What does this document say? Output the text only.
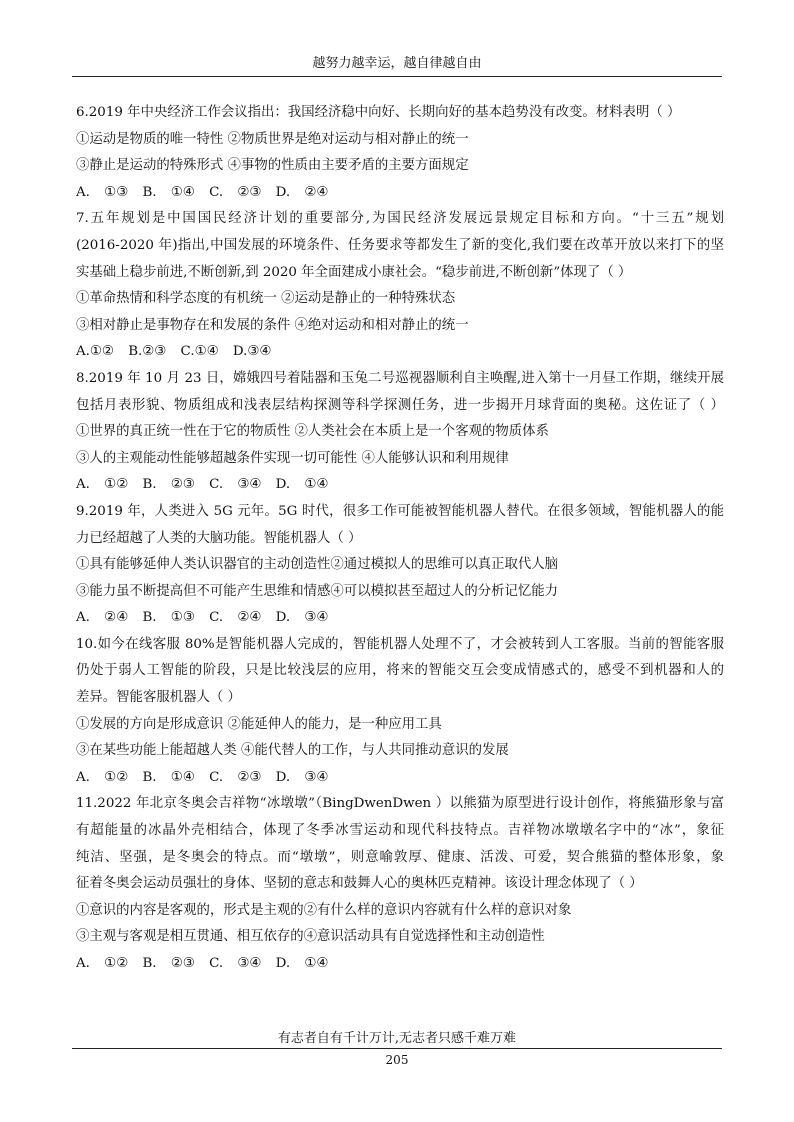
越努力越幸运，越自律越自由
6.2019 年中央经济工作会议指出：我国经济稳中向好、长期向好的基本趋势没有改变。材料表明（ ）
①运动是物质的唯一特性 ②物质世界是绝对运动与相对静止的统一
③静止是运动的特殊形式 ④事物的性质由主要矛盾的主要方面规定
A. ①③ B. ①④ C. ②③ D. ②④
7.五年规划是中国国民经济计划的重要部分,为国民经济发展远景规定目标和方向。“十三五”规划
(2016-2020 年)指出,中国发展的环境条件、任务要求等都发生了新的变化,我们要在改革开放以来打下的坚
实基础上稳步前进,不断创新,到 2020 年全面建成小康社会。“稳步前进,不断创新”体现了（ ）
①革命热情和科学态度的有机统一 ②运动是静止的一种特殊状态
③相对静止是事物存在和发展的条件 ④绝对运动和相对静止的统一
A.①② B.②③ C.①④ D.③④
8.2019 年 10 月 23 日，嫦娥四号着陆器和玉兔二号巡视器顺利自主唤醒,进入第十一月昼工作期，继续开展
包括月表形貌、物质组成和浅表层结构探测等科学探测任务，进一步揭开月球背面的奥秘。这佐证了（ ）
①世界的真正统一性在于它的物质性 ②人类社会在本质上是一个客观的物质体系
③人的主观能动性能够超越条件实现一切可能性 ④人能够认识和利用规律
A. ①② B. ②③ C. ③④ D. ①④
9.2019 年，人类进入 5G 元年。5G 时代，很多工作可能被智能机器人替代。在很多领域，智能机器人的能
力已经超越了人类的大脑功能。智能机器人（ ）
①具有能够延伸人类认识器官的主动创造性②通过模拟人的思维可以真正取代人脑
③能力虽不断提高但不可能产生思维和情感④可以模拟甚至超过人的分析记忆能力
A. ②④ B. ①③ C. ②④ D. ③④
10.如今在线客服 80%是智能机器人完成的，智能机器人处理不了，才会被转到人工客服。当前的智能客服
仍处于弱人工智能的阶段，只是比较浅层的应用，将来的智能交互会变成情感式的，感受不到机器和人的
差异。智能客服机器人（ ）
①发展的方向是形成意识 ②能延伸人的能力，是一种应用工具
③在某些功能上能超越人类 ④能代替人的工作，与人共同推动意识的发展
A. ①② B. ①④ C. ②③ D. ③④
11.2022 年北京冬奥会吉祥物“冰墩墩”（BingDwenDwen ）以熊猫为原型进行设计创作，将熊猫形象与富
有超能量的冰晶外壳相结合，体现了冬季冰雪运动和现代科技特点。吉祥物冰墩墩名字中的“冰”，象征
纯洁、坚强，是冬奥会的特点。而“墩墩”，则意喻敦厚、健康、活泼、可爱，契合熊猫的整体形象，象
征着冬奥会运动员强壮的身体、坚韧的意志和鼓舞人心的奥林匹克精神。该设计理念体现了（ ）
①意识的内容是客观的，形式是主观的②有什么样的意识内容就有什么样的意识对象
③主观与客观是相互贯通、相互依存的④意识活动具有自觉选择性和主动创造性
A. ①② B. ②③ C. ③④ D. ①④
有志者自有千计万计,无志者只感千难万难
205
